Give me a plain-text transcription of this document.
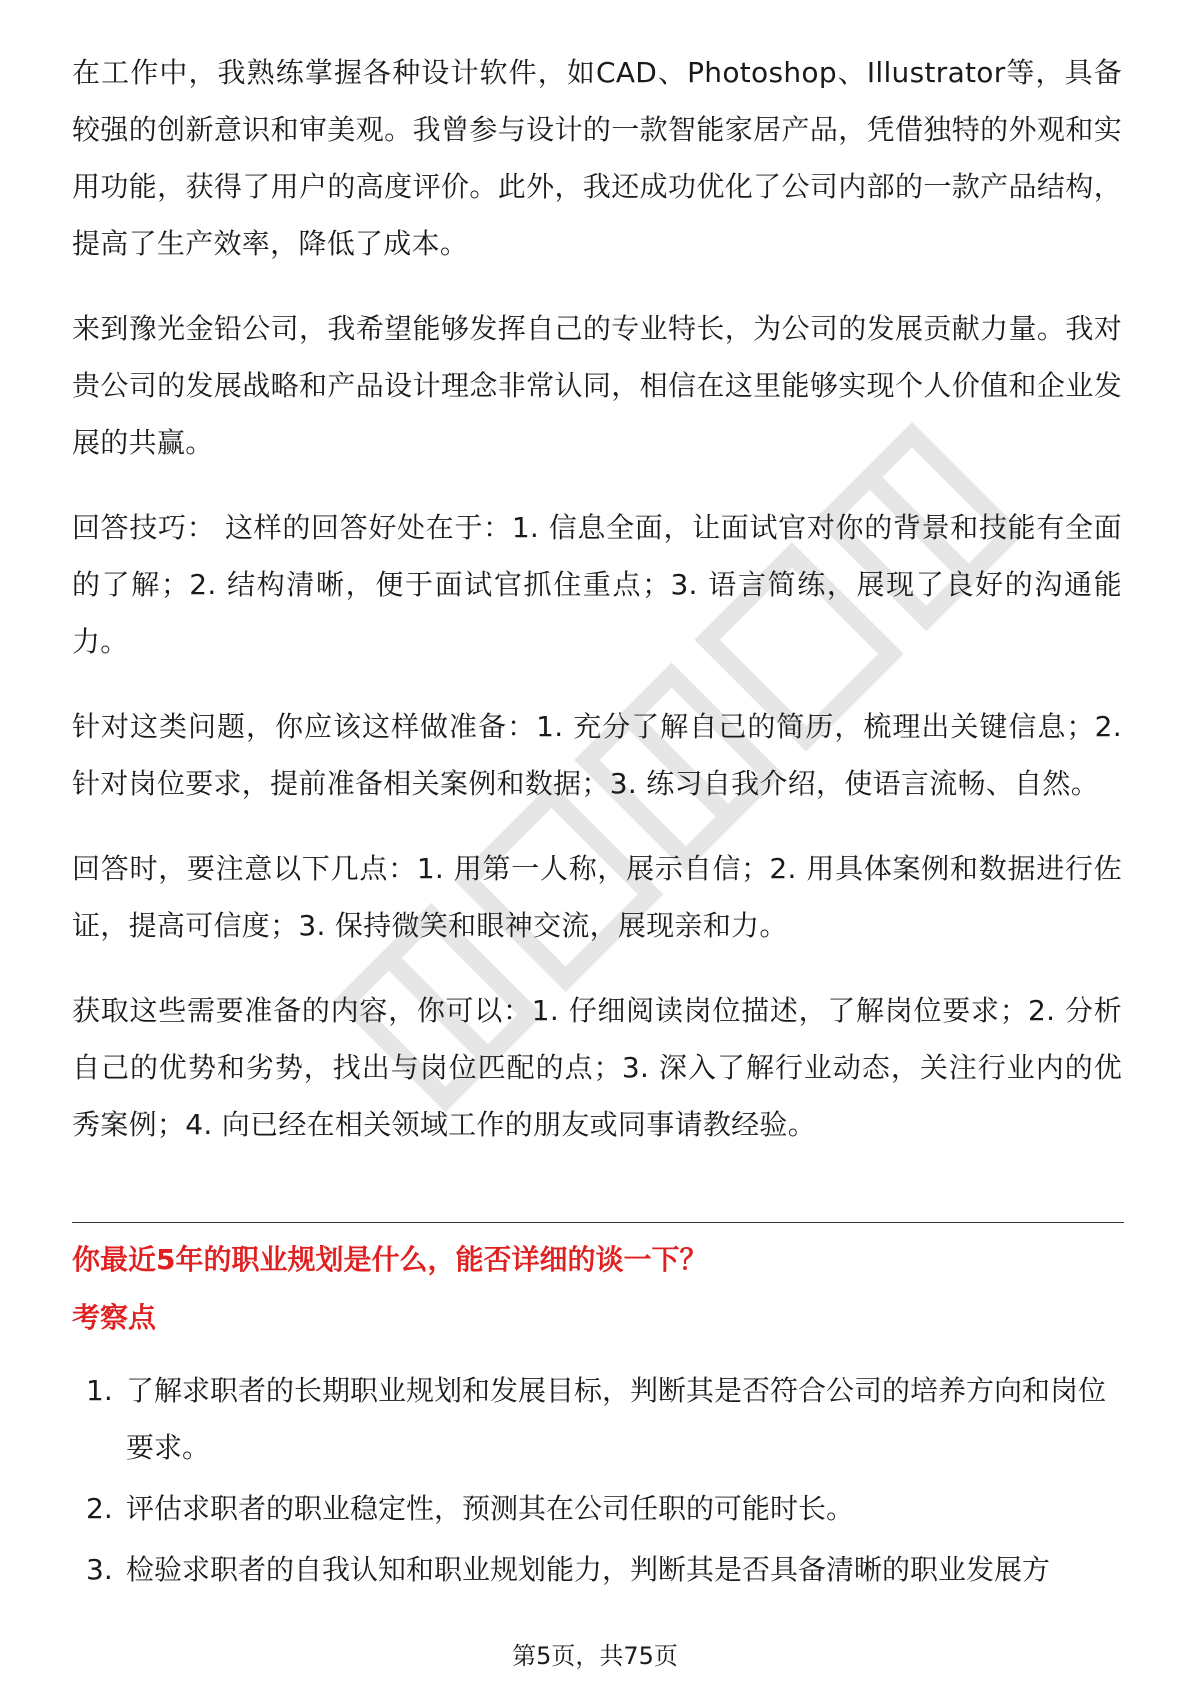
在工作中，我熟练掌握各种设计软件，如CAD、Photoshop、Illustrator等，具备较强的创新意识和审美观。我曾参与设计的一款智能家居产品，凭借独特的外观和实用功能，获得了用户的高度评价。此外，我还成功优化了公司内部的一款产品结构，提高了生产效率，降低了成本。

来到豫光金铅公司，我希望能够发挥自己的专业特长，为公司的发展贡献力量。我对贵公司的发展战略和产品设计理念非常认同，相信在这里能够实现个人价值和企业发展的共赢。

回答技巧： 这样的回答好处在于：1. 信息全面，让面试官对你的背景和技能有全面的了解；2. 结构清晰，便于面试官抓住重点；3. 语言简练，展现了良好的沟通能力。

针对这类问题，你应该这样做准备：1. 充分了解自己的简历，梳理出关键信息；2. 针对岗位要求，提前准备相关案例和数据；3. 练习自我介绍，使语言流畅、自然。

回答时，要注意以下几点：1. 用第一人称，展示自信；2. 用具体案例和数据进行佐证，提高可信度；3. 保持微笑和眼神交流，展现亲和力。

获取这些需要准备的内容，你可以：1. 仔细阅读岗位描述，了解岗位要求；2. 分析自己的优势和劣势，找出与岗位匹配的点；3. 深入了解行业动态，关注行业内的优秀案例；4. 向已经在相关领域工作的朋友或同事请教经验。

你最近5年的职业规划是什么，能否详细的谈一下？
考察点
1. 了解求职者的长期职业规划和发展目标，判断其是否符合公司的培养方向和岗位要求。
2. 评估求职者的职业稳定性，预测其在公司任职的可能时长。
3. 检验求职者的自我认知和职业规划能力，判断其是否具备清晰的职业发展方
第5页，共75页
